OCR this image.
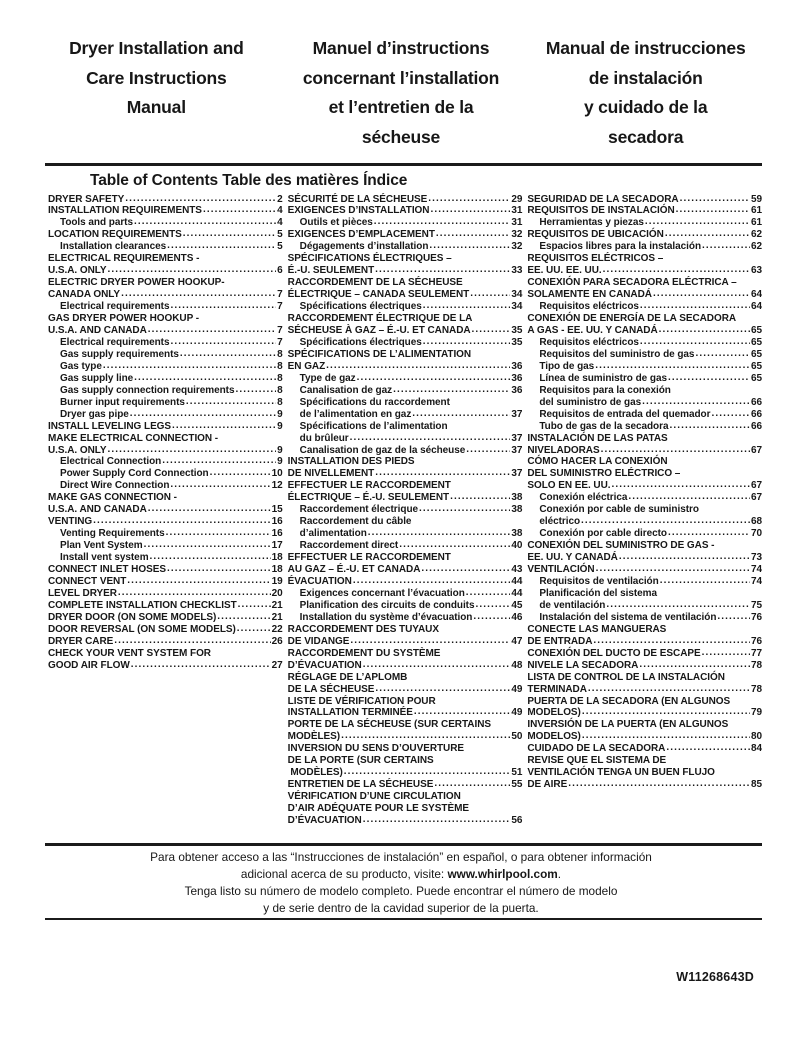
Dryer Installation and
Care Instructions
Manual
Manuel d’instructions
concernant l’installation
et l’entretien de la
sécheuse
Manual de instrucciones
de instalación
y cuidado de la
secadora
Table of Contents Table des matières Índice
DRYER SAFETY .....	2
INSTALLATION REQUIREMENTS .....	4
Tools and parts .....	4
LOCATION REQUIREMENTS .....	5
Installation clearances .....	5
ELECTRICAL REQUIREMENTS -
U.S.A. ONLY .....	6
ELECTRIC DRYER POWER HOOKUP-
CANADA ONLY .....	7
Electrical requirements .....	7
GAS DRYER POWER HOOKUP -
U.S.A. AND CANADA .....	7
Electrical requirements .....	7
Gas supply requirements .....	8
Gas type .....	8
Gas supply line .....	8
Gas supply connection requirements .....	8
Burner input requirements .....	8
Dryer gas pipe .....	9
INSTALL LEVELING LEGS .....	9
MAKE ELECTRICAL CONNECTION -
U.S.A. ONLY .....	9
Electrical Connection .....	9
Power Supply Cord Connection .....	10
Direct Wire Connection .....	12
MAKE GAS CONNECTION -
U.S.A. AND CANADA .....	15
VENTING .....	16
Venting Requirements .....	16
Plan Vent System .....	17
Install vent system .....	18
CONNECT INLET HOSES .....	18
CONNECT VENT .....	19
LEVEL DRYER .....	20
COMPLETE INSTALLATION CHECKLIST .....	21
DRYER DOOR (ON SOME MODELS) .....	21
DOOR REVERSAL (ON SOME MODELS) .....	22
DRYER CARE .....	26
CHECK YOUR VENT SYSTEM FOR
GOOD AIR FLOW .....	27
SÉCURITÉ DE LA SÉCHEUSE .....	29
EXIGENCES D’INSTALLATION .....	31
Outils et pièces .....	31
EXIGENCES D’EMPLACEMENT .....	32
Dégagements d’installation .....	32
SPÉCIFICATIONS ÉLECTRIQUES –
É.-U. SEULEMENT .....	33
RACCORDEMENT DE LA SÉCHEUSE
ÉLECTRIQUE – CANADA SEULEMENT .....	34
Spécifications électriques .....	34
RACCORDEMENT ÉLECTRIQUE DE LA
SÉCHEUSE À GAZ – É.-U. ET CANADA .....	35
Spécifications électriques .....	35
SPÉCIFICATIONS DE L’ALIMENTATION
EN GAZ .....	36
Type de gaz .....	36
Canalisation de gaz .....	36
Spécifications du raccordement
de l’alimentation en gaz .....	37
Spécifications de l’alimentation
du brûleur .....	37
Canalisation de gaz de la sécheuse .....	37
INSTALLATION DES PIEDS
DE NIVELLEMENT .....	37
EFFECTUER LE RACCORDEMENT
ÉLECTRIQUE – É.-U. SEULEMENT .....	38
Raccordement électrique .....	38
Raccordement du câble
d’alimentation .....	38
Raccordement direct .....	40
EFFECTUER LE RACCORDEMENT
AU GAZ – É.-U. ET CANADA .....	43
ÉVACUATION .....	44
Exigences concernant l’évacuation .....	44
Planification des circuits de conduits .....	45
Installation du système d’évacuation .....	46
RACCORDEMENT DES TUYAUX
DE VIDANGE .....	47
RACCORDEMENT DU SYSTÈME
D’ÉVACUATION .....	48
RÉGLAGE DE L’APLOMB
DE LA SÉCHEUSE .....	49
LISTE DE VÉRIFICATION POUR
INSTALLATION TERMINÉE .....	49
PORTE DE LA SÉCHEUSE (SUR CERTAINS
MODÈLES) .....	50
INVERSION DU SENS D’OUVERTURE
DE LA PORTE (SUR CERTAINS
MODÈLES) .....	51
ENTRETIEN DE LA SÉCHEUSE .....	55
VÉRIFICATION D’UNE CIRCULATION
D’AIR ADÉQUATE POUR LE SYSTÈME
D’ÉVACUATION .....	56
SEGURIDAD DE LA SECADORA .....	59
REQUISITOS DE INSTALACIÓN .....	61
Herramientas y piezas .....	61
REQUISITOS DE UBICACIÓN .....	62
Espacios libres para la instalación .....	62
REQUISITOS ELÉCTRICOS –
EE. UU. EE. UU. .....	63
CONEXIÓN PARA SECADORA ELÉCTRICA –
SOLAMENTE EN CANADÁ .....	64
Requisitos eléctricos .....	64
CONEXIÓN DE ENERGÍA DE LA SECADORA
A GAS - EE. UU. Y CANADÁ .....	65
Requisitos eléctricos .....	65
Requisitos del suministro de gas .....	65
Tipo de gas .....	65
Línea de suministro de gas .....	65
Requisitos para la conexión
del suministro de gas .....	66
Requisitos de entrada del quemador .....	66
Tubo de gas de la secadora .....	66
INSTALACIÓN DE LAS PATAS
NIVELADORAS .....	67
CÓMO HACER LA CONEXIÓN
DEL SUMINISTRO ELÉCTRICO –
SOLO EN EE. UU. .....	67
Conexión eléctrica .....	67
Conexión por cable de suministro
eléctrico .....	68
Conexión por cable directo .....	70
CONEXIÓN DEL SUMINISTRO DE GAS -
EE. UU. Y CANADÁ .....	73
VENTILACIÓN .....	74
Requisitos de ventilación .....	74
Planificación del sistema
de ventilación .....	75
Instalación del sistema de ventilación .....	76
CONECTE LAS MANGUERAS
DE ENTRADA .....	76
CONEXIÓN DEL DUCTO DE ESCAPE .....	77
NIVELE LA SECADORA .....	78
LISTA DE CONTROL DE LA INSTALACIÓN
TERMINADA .....	78
PUERTA DE LA SECADORA (EN ALGUNOS
MODELOS) .....	79
INVERSIÓN DE LA PUERTA (EN ALGUNOS
MODELOS) .....	80
CUIDADO DE LA SECADORA .....	84
REVISE QUE EL SISTEMA DE
VENTILACIÓN TENGA UN BUEN FLUJO
DE AIRE .....	85
Para obtener acceso a las “Instrucciones de instalación” en español, o para obtener información
adicional acerca de su producto, visite: www.whirlpool.com.
Tenga listo su número de modelo completo. Puede encontrar el número de modelo
y de serie dentro de la cavidad superior de la puerta.
W11268643D
